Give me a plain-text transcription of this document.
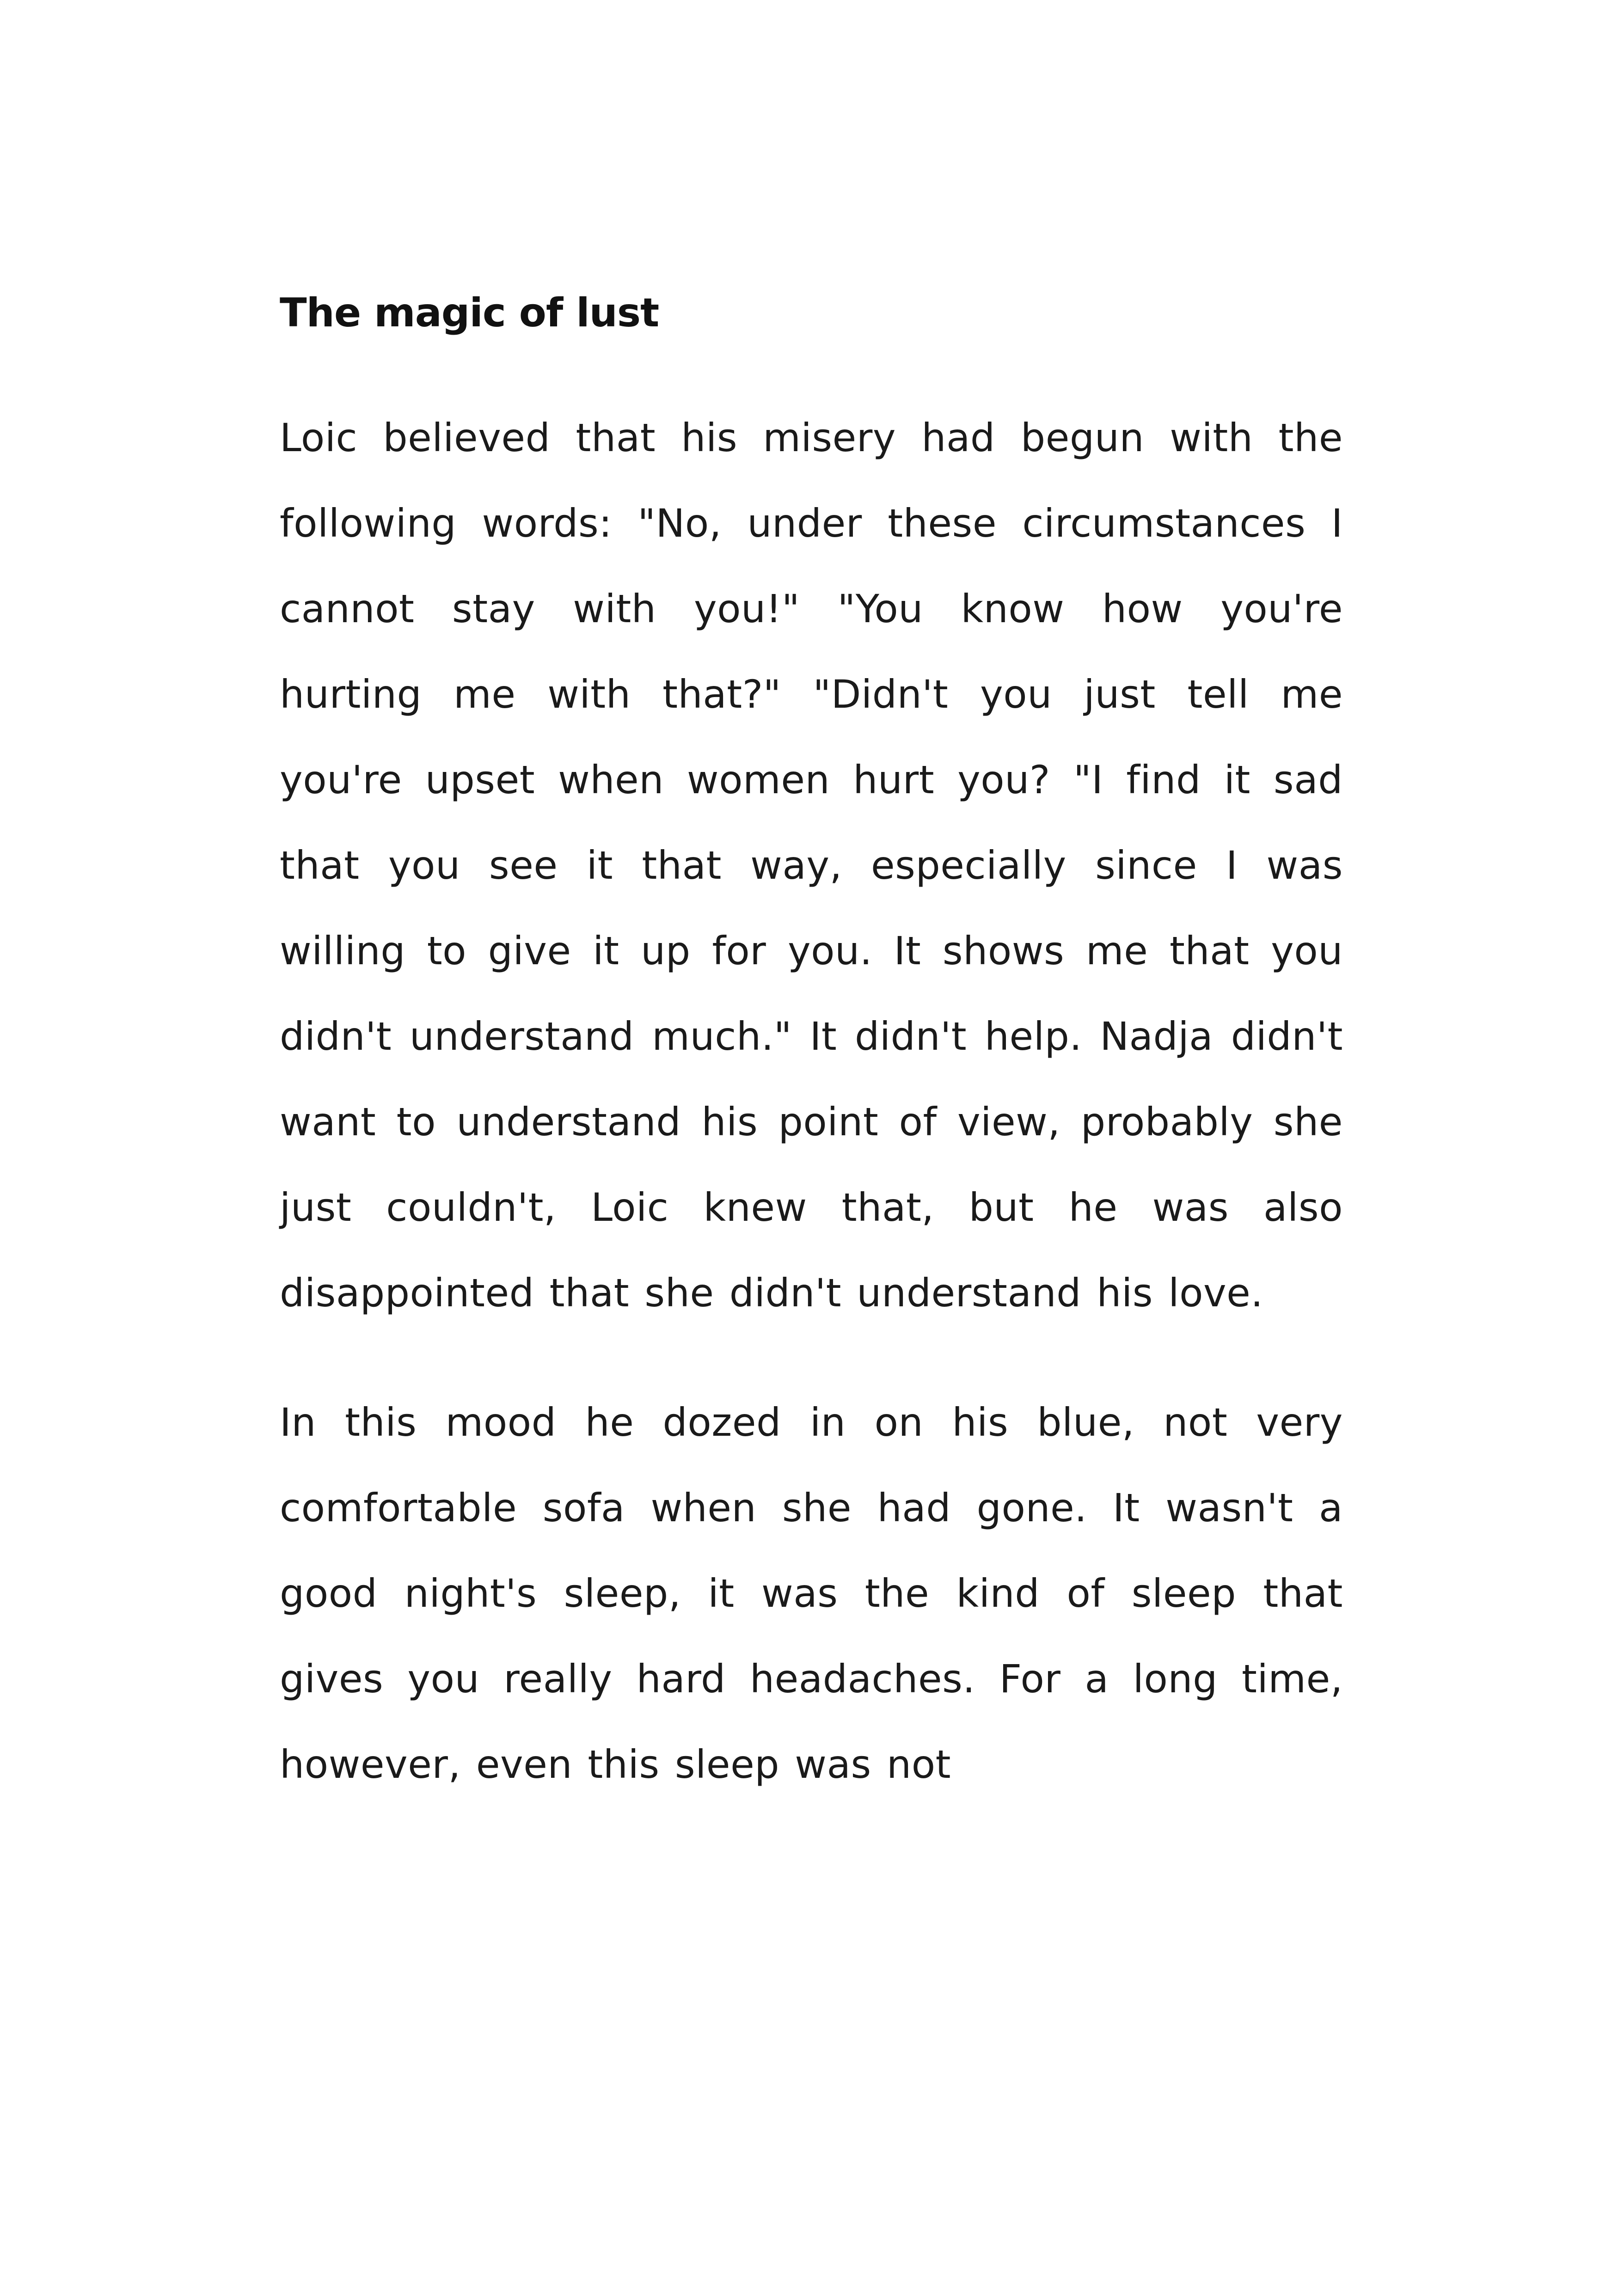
The magic of lust

Loic believed that his misery had begun with the following words: "No, under these circumstances I cannot stay with you!" "You know how you're hurting me with that?" "Didn't you just tell me you're upset when women hurt you? "I find it sad that you see it that way, especially since I was willing to give it up for you. It shows me that you didn't understand much." It didn't help. Nadja didn't want to understand his point of view, probably she just couldn't, Loic knew that, but he was also disappointed that she didn't understand his love.

In this mood he dozed in on his blue, not very comfortable sofa when she had gone. It wasn't a good night's sleep, it was the kind of sleep that gives you really hard headaches. For a long time, however, even this sleep was not
